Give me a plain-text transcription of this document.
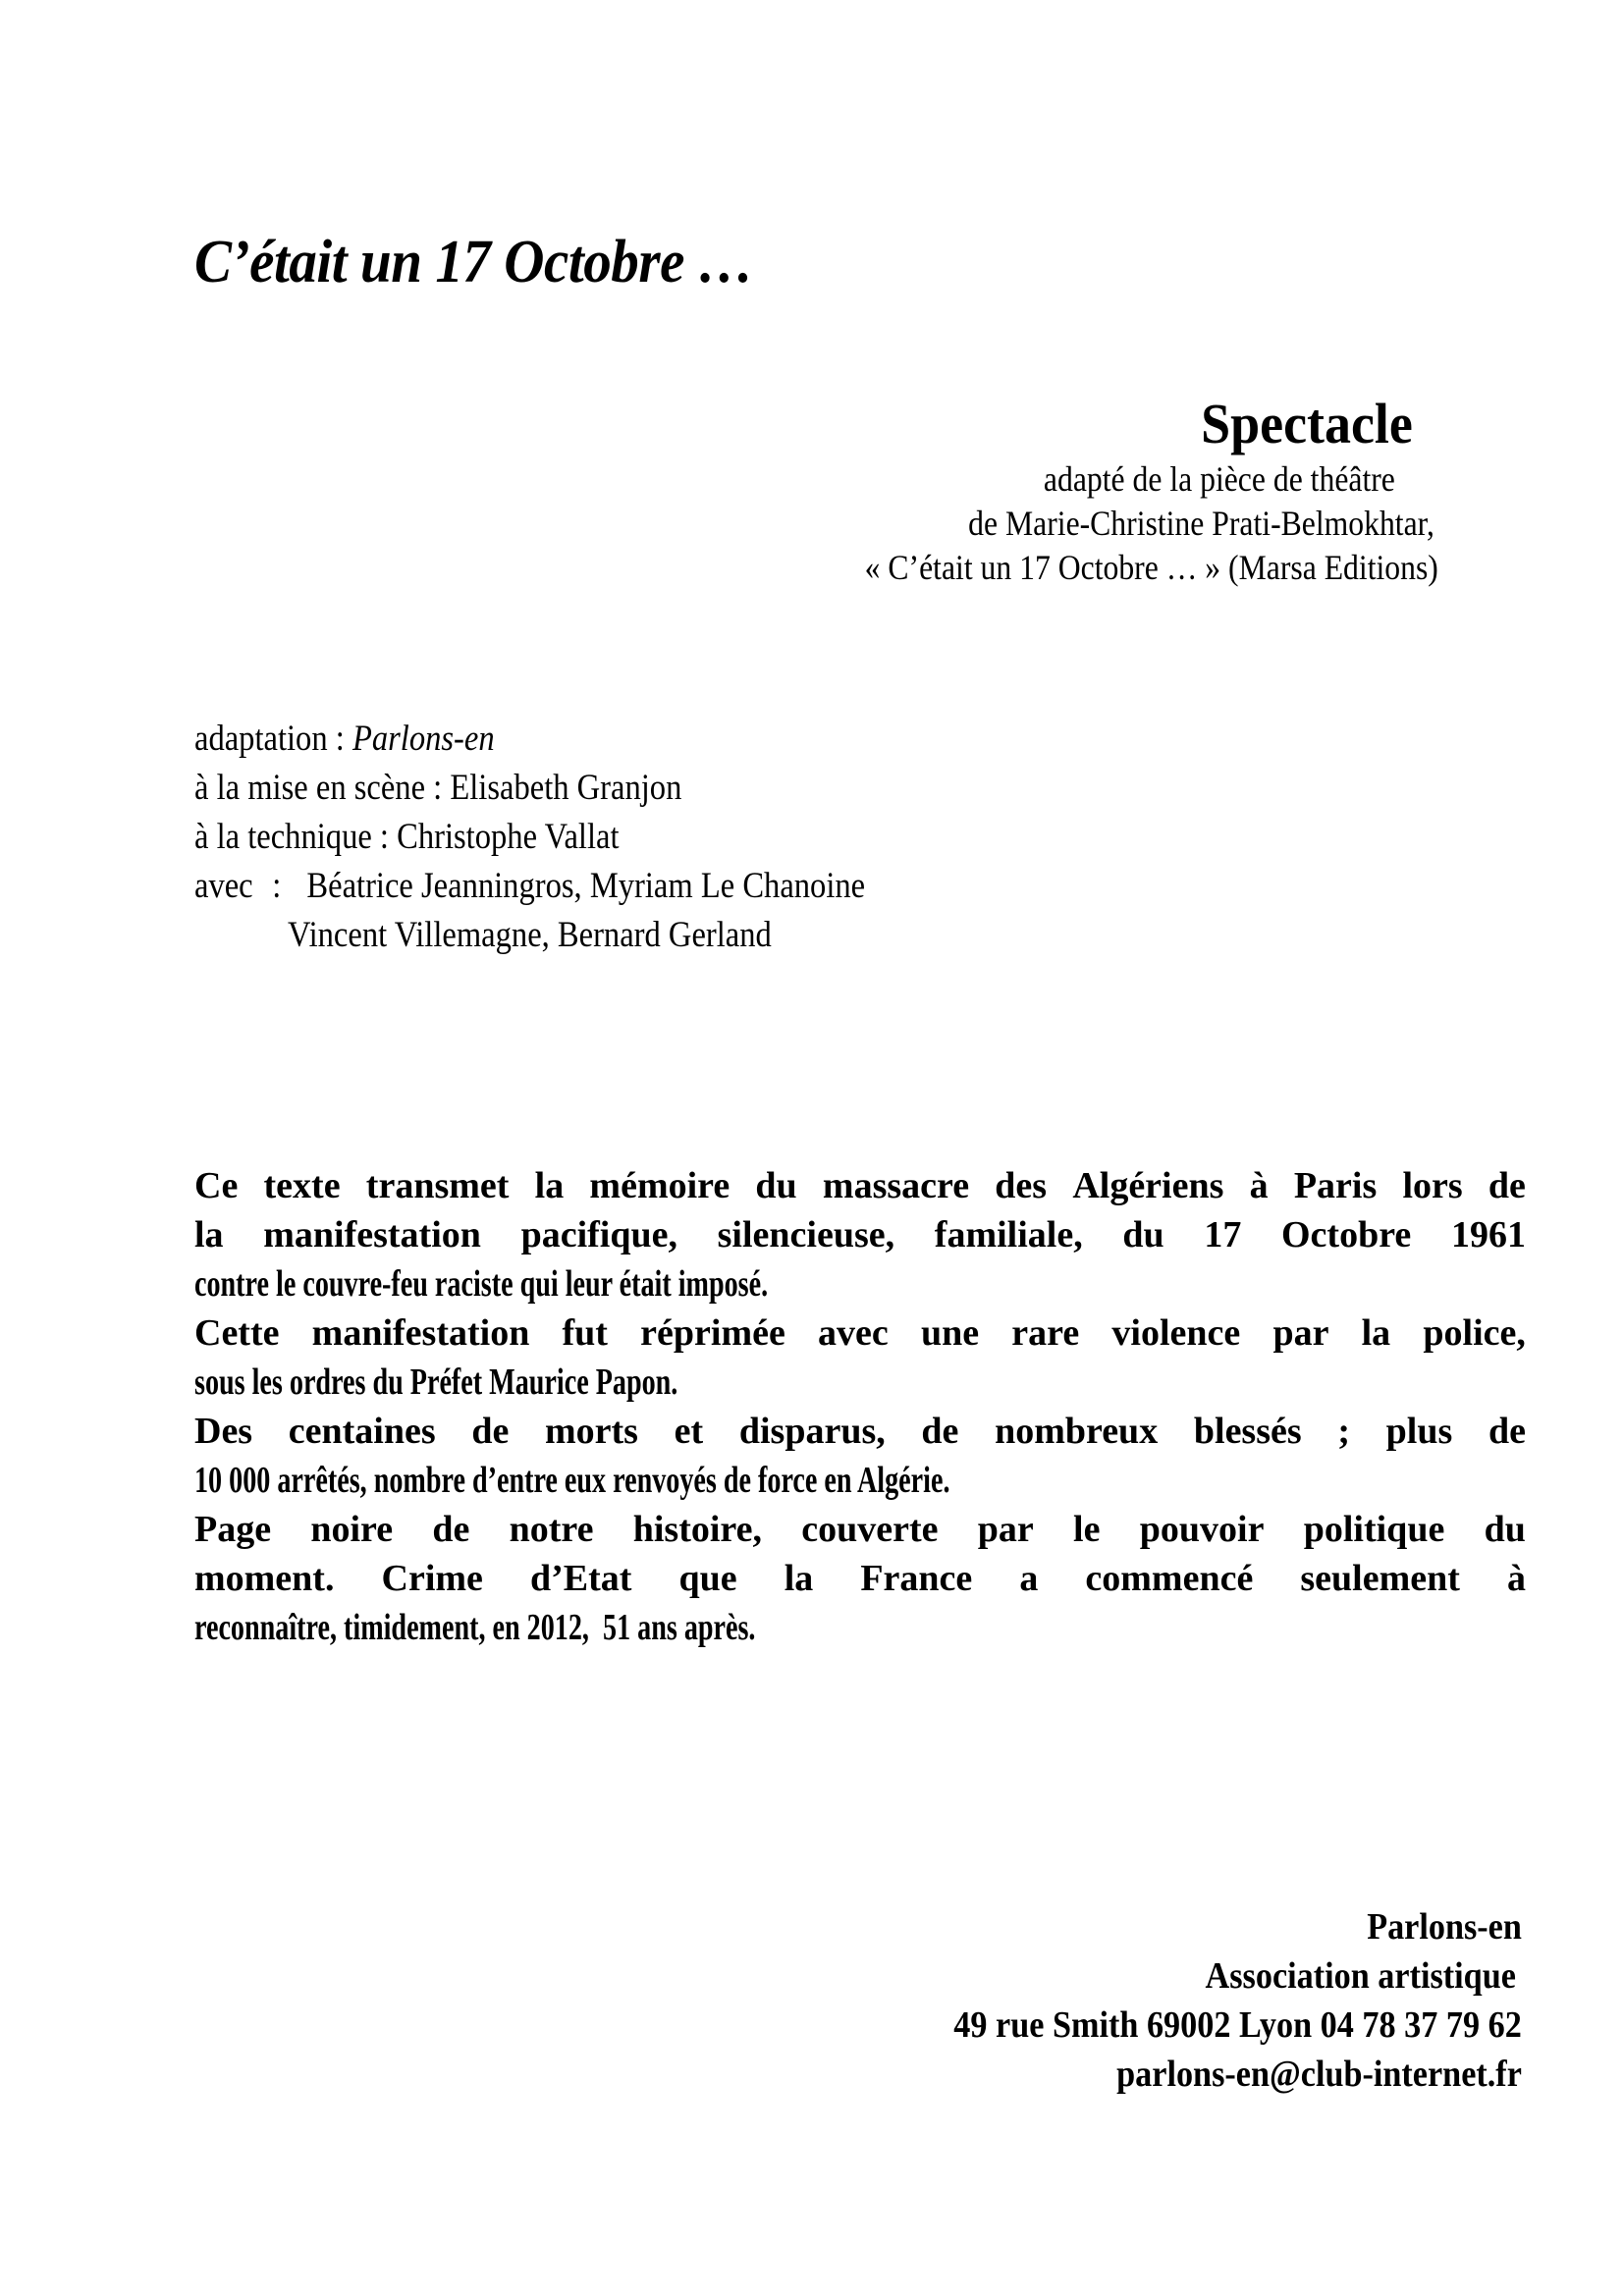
C’était un 17 Octobre …
Spectacle
adapté de la pièce de théâtre
de Marie-Christine Prati-Belmokhtar,
« C’était un 17 Octobre … » (Marsa Editions)
adaptation : Parlons-en
à la mise en scène : Elisabeth Granjon
à la technique : Christophe Vallat
avec : Béatrice Jeanningros, Myriam Le Chanoine
Vincent Villemagne, Bernard Gerland
Ce texte transmet la mémoire du massacre des Algériens à Paris lors de
la manifestation pacifique, silencieuse, familiale, du 17 Octobre 1961
contre le couvre-feu raciste qui leur était imposé.
Cette manifestation fut réprimée avec une rare violence par la police,
sous les ordres du Préfet Maurice Papon.
Des centaines de morts et disparus, de nombreux blessés ; plus de
10 000 arrêtés, nombre d’entre eux renvoyés de force en Algérie.
Page noire de notre histoire, couverte par le pouvoir politique du
moment. Crime d’Etat que la France a commencé seulement à
reconnaître, timidement, en 2012,  51 ans après.
Parlons-en
Association artistique
49 rue Smith 69002 Lyon 04 78 37 79 62
parlons-en@club-internet.fr
